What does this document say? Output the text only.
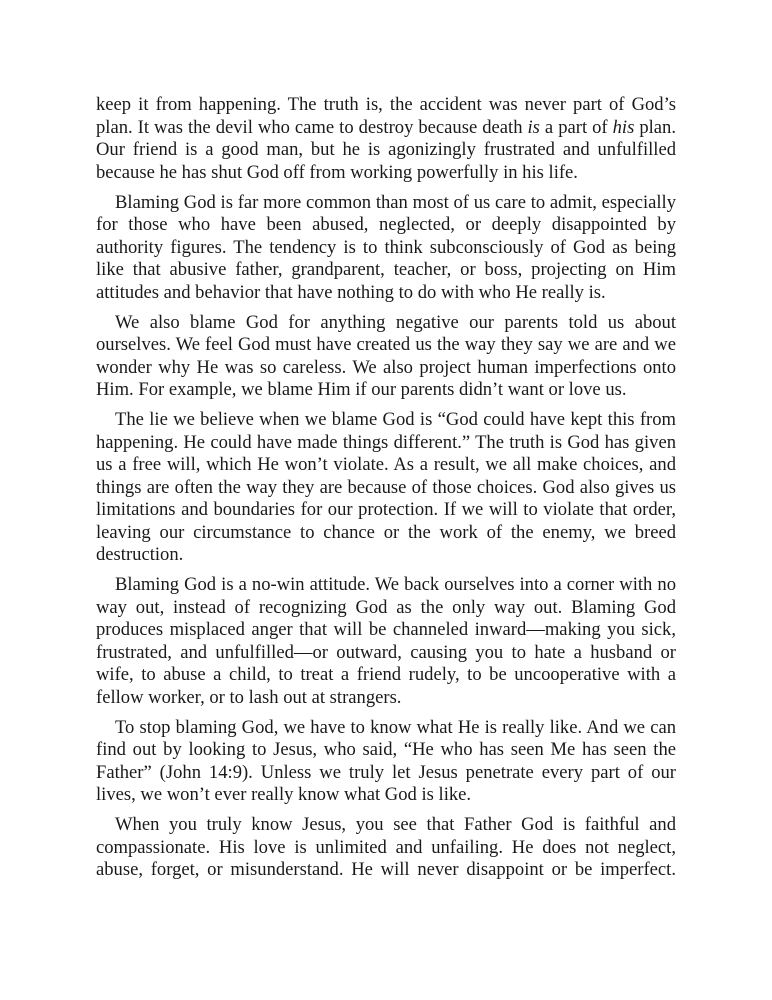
keep it from happening. The truth is, the accident was never part of God’s plan. It was the devil who came to destroy because death is a part of his plan. Our friend is a good man, but he is agonizingly frustrated and unfulfilled because he has shut God off from working powerfully in his life.

Blaming God is far more common than most of us care to admit, especially for those who have been abused, neglected, or deeply disappointed by authority figures. The tendency is to think subconsciously of God as being like that abusive father, grandparent, teacher, or boss, projecting on Him attitudes and behavior that have nothing to do with who He really is.

We also blame God for anything negative our parents told us about ourselves. We feel God must have created us the way they say we are and we wonder why He was so careless. We also project human imperfections onto Him. For example, we blame Him if our parents didn’t want or love us.

The lie we believe when we blame God is “God could have kept this from happening. He could have made things different.” The truth is God has given us a free will, which He won’t violate. As a result, we all make choices, and things are often the way they are because of those choices. God also gives us limitations and boundaries for our protection. If we will to violate that order, leaving our circumstance to chance or the work of the enemy, we breed destruction.

Blaming God is a no-win attitude. We back ourselves into a corner with no way out, instead of recognizing God as the only way out. Blaming God produces misplaced anger that will be channeled inward—making you sick, frustrated, and unfulfilled—or outward, causing you to hate a husband or wife, to abuse a child, to treat a friend rudely, to be uncooperative with a fellow worker, or to lash out at strangers.

To stop blaming God, we have to know what He is really like. And we can find out by looking to Jesus, who said, “He who has seen Me has seen the Father” (John 14:9). Unless we truly let Jesus penetrate every part of our lives, we won’t ever really know what God is like.

When you truly know Jesus, you see that Father God is faithful and compassionate. His love is unlimited and unfailing. He does not neglect, abuse, forget, or misunderstand. He will never disappoint or be imperfect.
